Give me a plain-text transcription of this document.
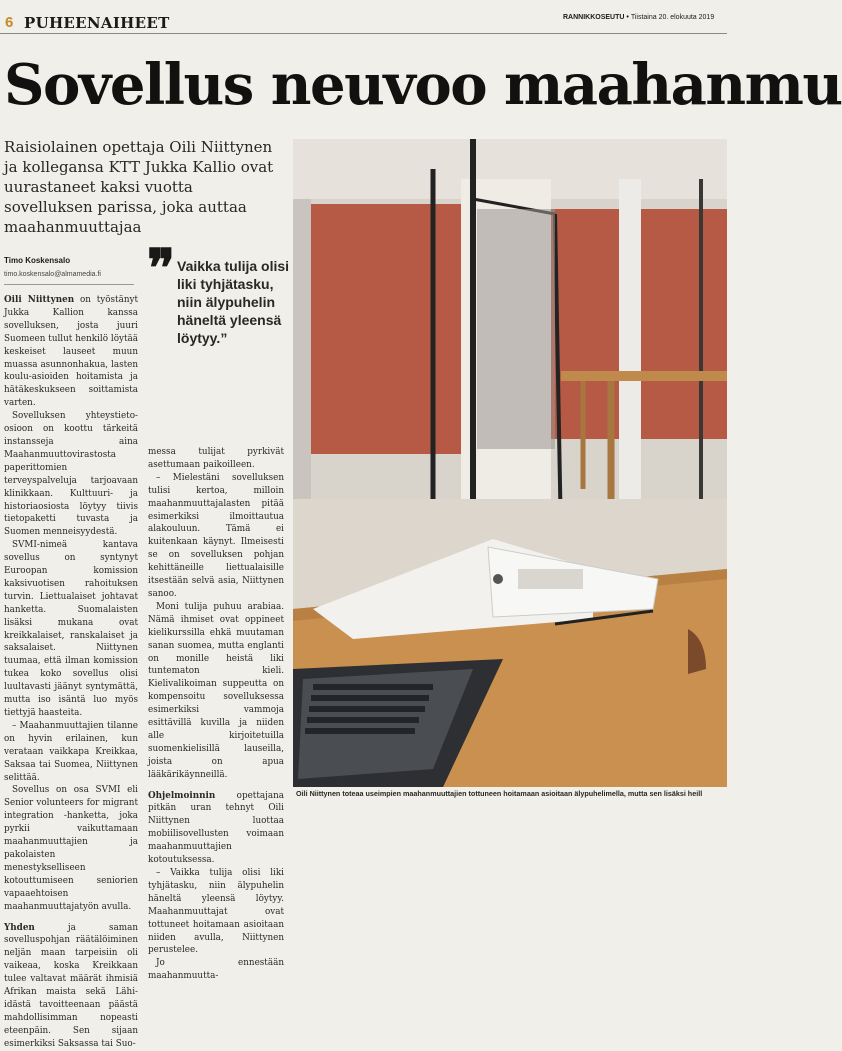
6 PUHEENAIHEET	RANNIKKOSEUTU • Tiistaina 20. elokuuta 2019
Sovellus neuvoo maahanmu
Raisiolainen opettaja Oili Niittynen ja kollegansa KTT Jukka Kallio ovat uurastaneet kaksi vuotta sovelluksen parissa, joka auttaa maahanmuuttajaa
Timo Koskensalo
timo.koskensalo@almamedia.fi ❞ Vaikka tulija olisi liki tyhjätasku, niin älypuhelin häneltä yleensä löytyy.”

Oili Niittynen on työstänyt Jukka Kallion kanssa sovelluksen, josta juuri Suomeen tullut henkilö löytää keskeiset lauseet muun muassa asunnonhakua, lasten koulu-asioiden hoitamista ja hätäkeskukseen soittamista varten.

Sovelluksen yhteystieto-osioon on koottu tärkeitä instansseja aina Maahanmuuttovirastosta paperittomien terveyspalveluja tarjoavaan klinikkaan. Kulttuuri- ja historiaosiosta löytyy tiivis tietopaketti tuvasta ja Suomen menneisyydestä.

SVMI-nimeä kantava sovellus on syntynyt Euroopan komission kaksivuotisen rahoituksen turvin. Liettualaiset johtavat hanketta. Suomalaisten lisäksi mukana ovat kreikkalaiset, ranskalaiset ja saksalaiset. Niittynen tuumaa, että ilman komission tukea koko sovellus olisi luultavasti jäänyt syntymättä, mutta iso isäntä luo myös tiettyjä haasteita.

– Maahanmuuttajien tilanne on hyvin erilainen, kun verataan vaikkapa Kreikkaa, Saksaa tai Suomea, Niittynen selittää.

Sovellus on osa SVMI eli Senior volunteers for migrant integration -hanketta, joka pyrkii vaikuttamaan maahanmuuttajien ja pakolaisten menestykselliseen kotouttumiseen seniorien vapaaehtoisen maahanmuuttajatyön avulla.

Yhden ja saman sovelluspohjan räätälöiminen neljän maan tarpeisiin oli vaikeaa, koska Kreikkaan tulee valtavat määrät ihmisiä Afrikan maista sekä Lähi-idästä tavoitteenaan päästä mahdollisimman nopeasti eteenpäin. Sen sijaan esimerkiksi Saksassa tai Suo-

messa tulijat pyrkivät asettumaan paikoilleen.

– Mielestäni sovelluksen tulisi kertoa, milloin maahanmuuttajalasten pitää esimerkiksi ilmoittautua alakouluun. Tämä ei kuitenkaan käynyt. Ilmeisesti se on sovelluksen pohjan kehittäneille liettualaisille itsestään selvä asia, Niittynen sanoo.

Moni tulija puhuu arabiaa. Nämä ihmiset ovat oppineet kielikurssilla ehkä muutaman sanan suomea, mutta englanti on monille heistä liki tuntematon kieli. Kielivalikoiman suppeutta on kompensoitu sovelluksessa esimerkiksi vammoja esittävillä kuvilla ja niiden alle kirjoitetuilla suomenkielisillä lauseilla, joista on apua lääkärikäynneillä.

Ohjelmoinnin opettajana pitkän uran tehnyt Oili Niittynen luottaa mobiilisovellusten voimaan maahanmuuttajien kotoutuksessa.

– Vaikka tulija olisi liki tyhjätasku, niin älypuhelin häneltä yleensä löytyy. Maahanmuuttajat ovat tottuneet hoitamaan asioitaan niiden avulla, Niittynen perustelee.

Jo ennestään maahanmuutta-

Oili Niittynen toteaa useimpien maahanmuuttajien tottuneen hoitamaan asioitaan älypuhelimella, mutta sen lisäksi heill
